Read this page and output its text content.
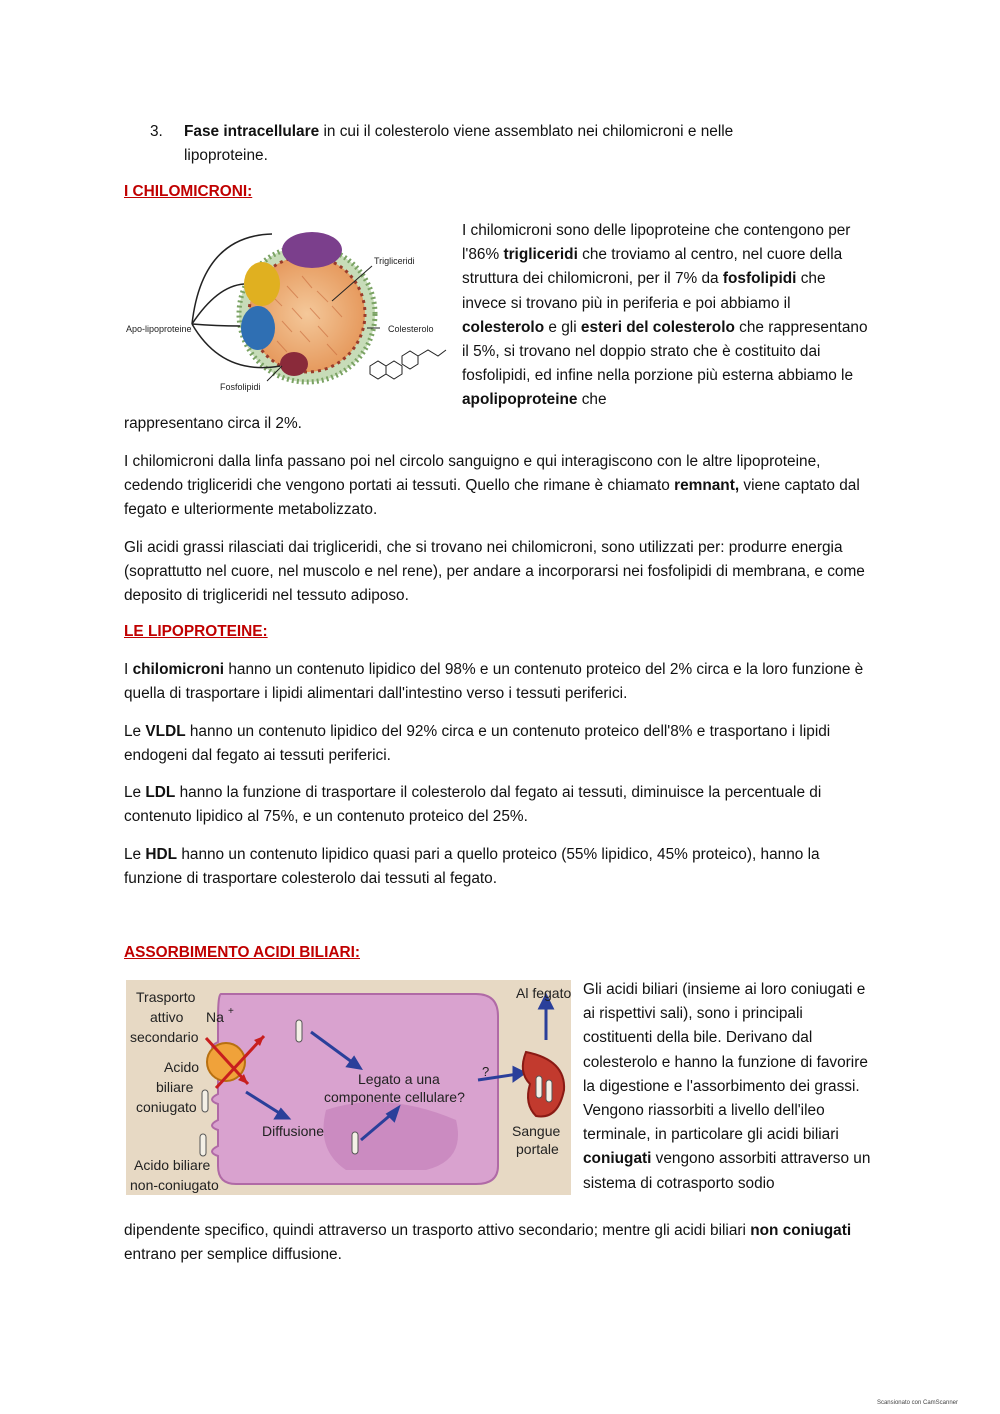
3. Fase intracellulare in cui il colesterolo viene assemblato nei chilomicroni e nelle lipoproteine.

I CHILOMICRONI:

Trigliceridi
Apo-lipoproteine	Colesterolo
Fosfolipidi

I chilomicroni sono delle lipoproteine che contengono per l'86% trigliceridi che troviamo al centro, nel cuore della struttura dei chilomicroni, per il 7% da fosfolipidi che invece si trovano più in periferia e poi abbiamo il colesterolo e gli esteri del colesterolo che rappresentano il 5%, si trovano nel doppio strato che è costituito dai fosfolipidi, ed infine nella porzione più esterna abbiamo le apolipoproteine che

rappresentano circa il 2%.

I chilomicroni dalla linfa passano poi nel circolo sanguigno e qui interagiscono con le altre lipoproteine, cedendo trigliceridi che vengono portati ai tessuti. Quello che rimane è chiamato remnant, viene captato dal fegato e ulteriormente metabolizzato.

Gli acidi grassi rilasciati dai trigliceridi, che si trovano nei chilomicroni, sono utilizzati per: produrre energia (soprattutto nel cuore, nel muscolo e nel rene), per andare a incorporarsi nei fosfolipidi di membrana, e come deposito di trigliceridi nel tessuto adiposo.

LE LIPOPROTEINE:

I chilomicroni hanno un contenuto lipidico del 98% e un contenuto proteico del 2% circa e la loro funzione è quella di trasportare i lipidi alimentari dall'intestino verso i tessuti periferici.

Le VLDL hanno un contenuto lipidico del 92% circa e un contenuto proteico dell'8% e trasportano i lipidi endogeni dal fegato ai tessuti periferici.

Le LDL hanno la funzione di trasportare il colesterolo dal fegato ai tessuti, diminuisce la percentuale di contenuto lipidico al 75%, e un contenuto proteico del 25%.

Le HDL hanno un contenuto lipidico quasi pari a quello proteico (55% lipidico, 45% proteico), hanno la funzione di trasportare colesterolo dai tessuti al fegato.

ASSORBIMENTO ACIDI BILIARI:

Trasporto
attivo
secondario
Na +
Acido
biliare
coniugato
Diffusione
Acido biliare
non-coniugato
Legato a una
componente cellulare?
?
Al fegato
Sangue
portale

Gli acidi biliari (insieme ai loro coniugati e ai rispettivi sali), sono i principali costituenti della bile. Derivano dal colesterolo e hanno la funzione di favorire la digestione e l'assorbimento dei grassi. Vengono riassorbiti a livello dell'ileo terminale, in particolare gli acidi biliari coniugati vengono assorbiti attraverso un sistema di cotrasporto sodio

dipendente specifico, quindi attraverso un trasporto attivo secondario; mentre gli acidi biliari non coniugati entrano per semplice diffusione.

Scansionato con CamScanner
